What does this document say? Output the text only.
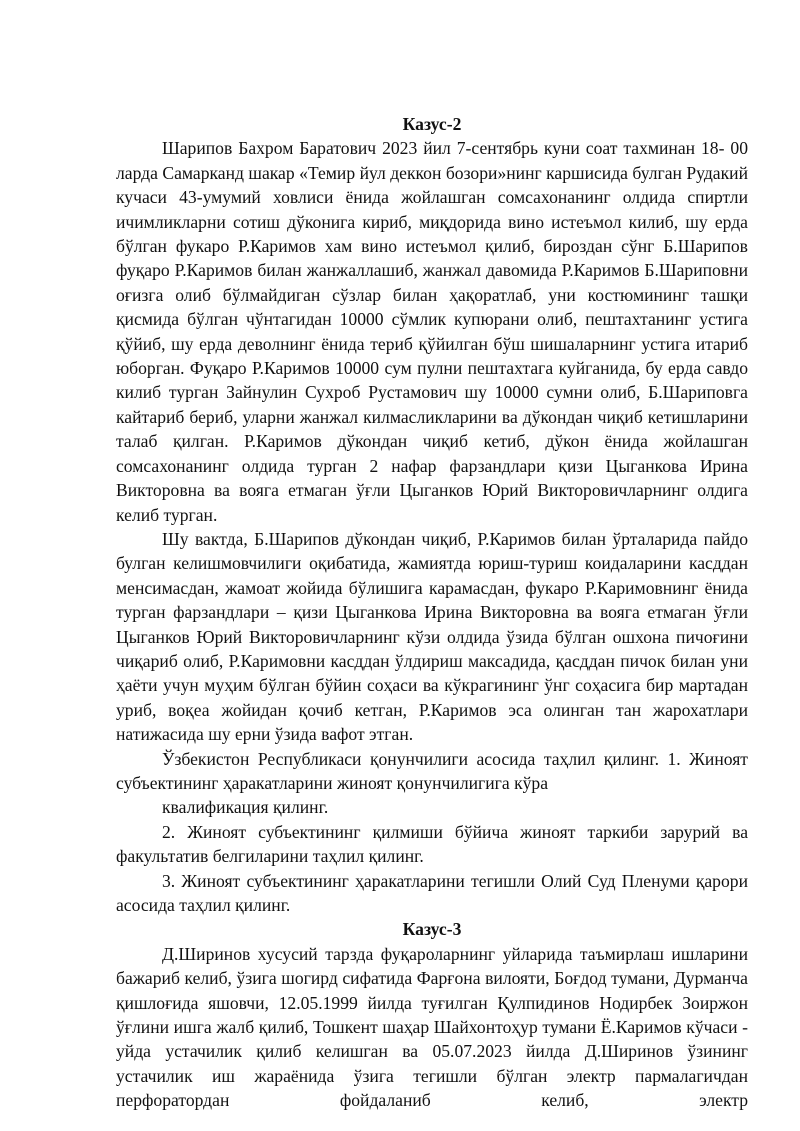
Казус-2

Шарипов Бахром Баратович 2023 йил 7-сентябрь куни соат тахминан 18- 00 ларда Самарканд шакар «Темир йул деккон бозори»нинг каршисида булган Рудакий кучаси 43-умумий ховлиси ёнида жойлашган сомсахонанинг олдида спиртли ичимликларни сотиш дўконига кириб, миқдорида вино истеъмол килиб, шу ерда бўлган фукаро Р.Каримов хам вино истеъмол қилиб, бироздан сўнг Б.Шарипов фуқаро Р.Каримов билан жанжаллашиб, жанжал давомида Р.Каримов Б.Шариповни оғизга олиб бўлмайдиган сўзлар билан ҳақоратлаб, уни костюмининг ташқи қисмида бўлган чўнтагидан 10000 сўмлик купюрани олиб, пештахтанинг устига қўйиб, шу ерда деволнинг ёнида териб қўйилган бўш шишаларнинг устига итариб юборган. Фуқаро Р.Каримов 10000 сум пулни пештахтага куйганида, бу ерда савдо килиб турган Зайнулин Сухроб Рустамович шу 10000 сумни олиб, Б.Шариповга кайтариб бериб, уларни жанжал килмасликларини ва дўкондан чиқиб кетишларини талаб қилган. Р.Каримов дўкондан чиқиб кетиб, дўкон ёнида жойлашган сомсахонанинг олдида турган 2 нафар фарзандлари қизи Цыганкова Ирина Викторовна ва вояга етмаган ўғли Цыганков Юрий Викторовичларнинг олдига келиб турган.

Шу вактда, Б.Шарипов дўкондан чиқиб, Р.Каримов билан ўрталарида пайдо булган келишмовчилиги оқибатида, жамиятда юриш-туриш коидаларини касддан менсимасдан, жамоат жойида бўлишига карамасдан, фукаро Р.Каримовнинг ёнида турган фарзандлари – қизи Цыганкова Ирина Викторовна ва вояга етмаган ўғли Цыганков Юрий Викторовичларнинг кўзи олдида ўзида бўлган ошхона пичоғини чиқариб олиб, Р.Каримовни касддан ўлдириш максадида, қасддан пичок билан уни ҳаёти учун муҳим бўлган бўйин соҳаси ва кўкрагининг ўнг соҳасига бир мартадан уриб, воқеа жойидан қочиб кетган, Р.Каримов эса олинган тан жарохатлари натижасида шу ерни ўзида вафот этган.

Ўзбекистон Республикаси қонунчилиги асосида таҳлил қилинг. 1. Жиноят субъектининг ҳаракатларини жиноят қонунчилигига кўра

квалификация қилинг.

2. Жиноят субъектининг қилмиши бўйича жиноят таркиби зарурий ва факультатив белгиларини таҳлил қилинг.

3. Жиноят субъектининг ҳаракатларини тегишли Олий Суд Пленуми қарори асосида таҳлил қилинг.

Казус-3

Д.Ширинов хусусий тарзда фуқароларнинг уйларида таъмирлаш ишларини бажариб келиб, ўзига шогирд сифатида Фарғона вилояти, Боғдод тумани, Дурманча қишлоғида яшовчи, 12.05.1999 йилда туғилган Қулпидинов Нодирбек Зоиржон ўғлини ишга жалб қилиб, Тошкент шаҳар Шайхонтоҳур тумани Ё.Каримов кўчаси - уйда устачилик қилиб келишган ва 05.07.2023 йилда Д.Ширинов ўзининг устачилик иш жараёнида ўзига тегишли бўлган электр пармалагичдан перфоратордан фойдаланиб келиб, электр
